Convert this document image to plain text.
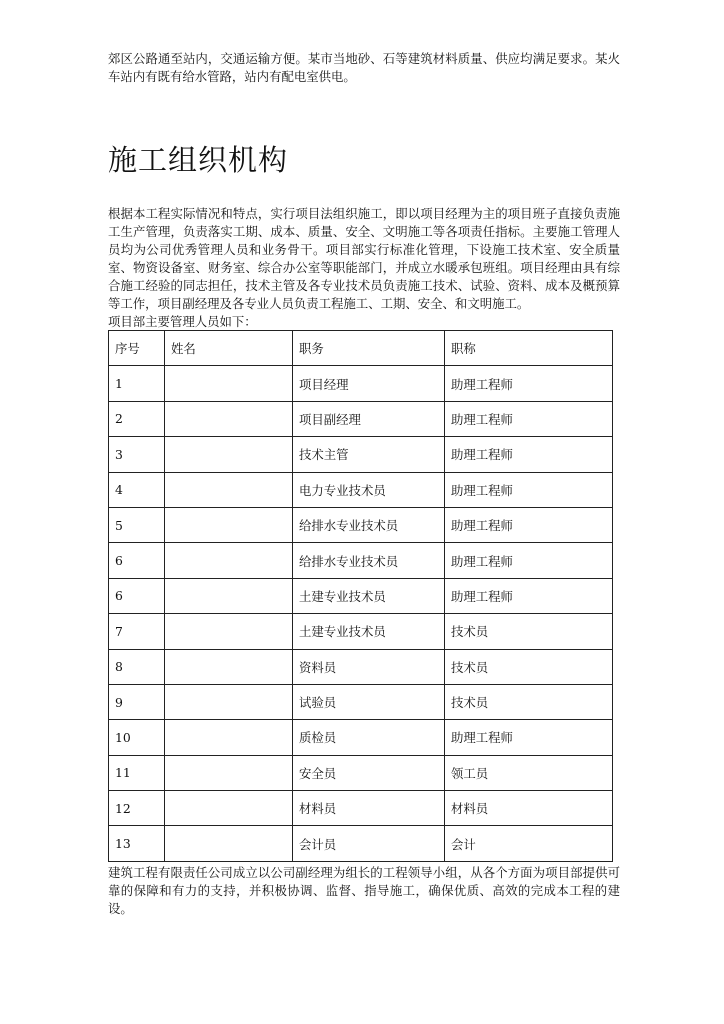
郊区公路通至站内，交通运输方便。某市当地砂、石等建筑材料质量、供应均满足要求。某火车站内有既有给水管路，站内有配电室供电。

施工组织机构

根据本工程实际情况和特点，实行项目法组织施工，即以项目经理为主的项目班子直接负责施工生产管理，负责落实工期、成本、质量、安全、文明施工等各项责任指标。主要施工管理人员均为公司优秀管理人员和业务骨干。项目部实行标准化管理，下设施工技术室、安全质量室、物资设备室、财务室、综合办公室等职能部门，并成立水暖承包班组。项目经理由具有综合施工经验的同志担任，技术主管及各专业技术员负责施工技术、试验、资料、成本及概预算等工作，项目副经理及各专业人员负责工程施工、工期、安全、和文明施工。

项目部主要管理人员如下：

序号	姓名	职务	职称
1		项目经理	助理工程师
2		项目副经理	助理工程师
3		技术主管	助理工程师
4		电力专业技术员	助理工程师
5		给排水专业技术员	助理工程师
6		给排水专业技术员	助理工程师
6		土建专业技术员	助理工程师
7		土建专业技术员	技术员
8		资料员	技术员
9		试验员	技术员
10		质检员	助理工程师
11		安全员	领工员
12		材料员	材料员
13		会计员	会计

建筑工程有限责任公司成立以公司副经理为组长的工程领导小组，从各个方面为项目部提供可靠的保障和有力的支持，并积极协调、监督、指导施工，确保优质、高效的完成本工程的建设。
